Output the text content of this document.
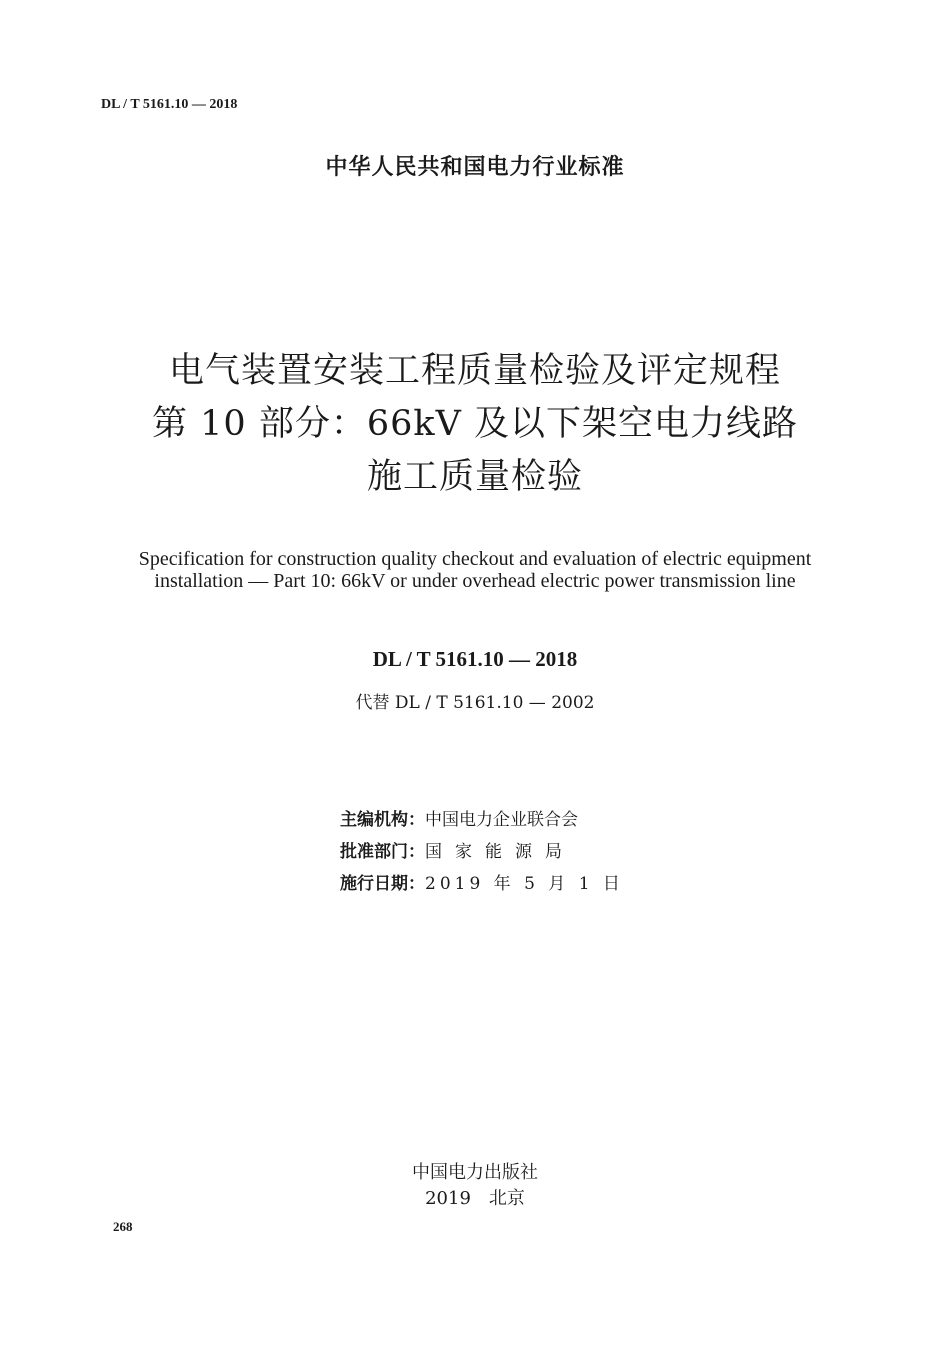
DL / T 5161.10 — 2018
中华人民共和国电力行业标准
电气装置安装工程质量检验及评定规程
第 10 部分：66kV 及以下架空电力线路
施工质量检验
Specification for construction quality checkout and evaluation of electric equipment
installation — Part 10: 66kV or under overhead electric power transmission line
DL / T 5161.10 — 2018
代替 DL / T 5161.10 — 2002
主编机构：中国电力企业联合会
批准部门：国家能源局
施行日期：2019 年 5 月 1 日
中国电力出版社
2019 北京
268
